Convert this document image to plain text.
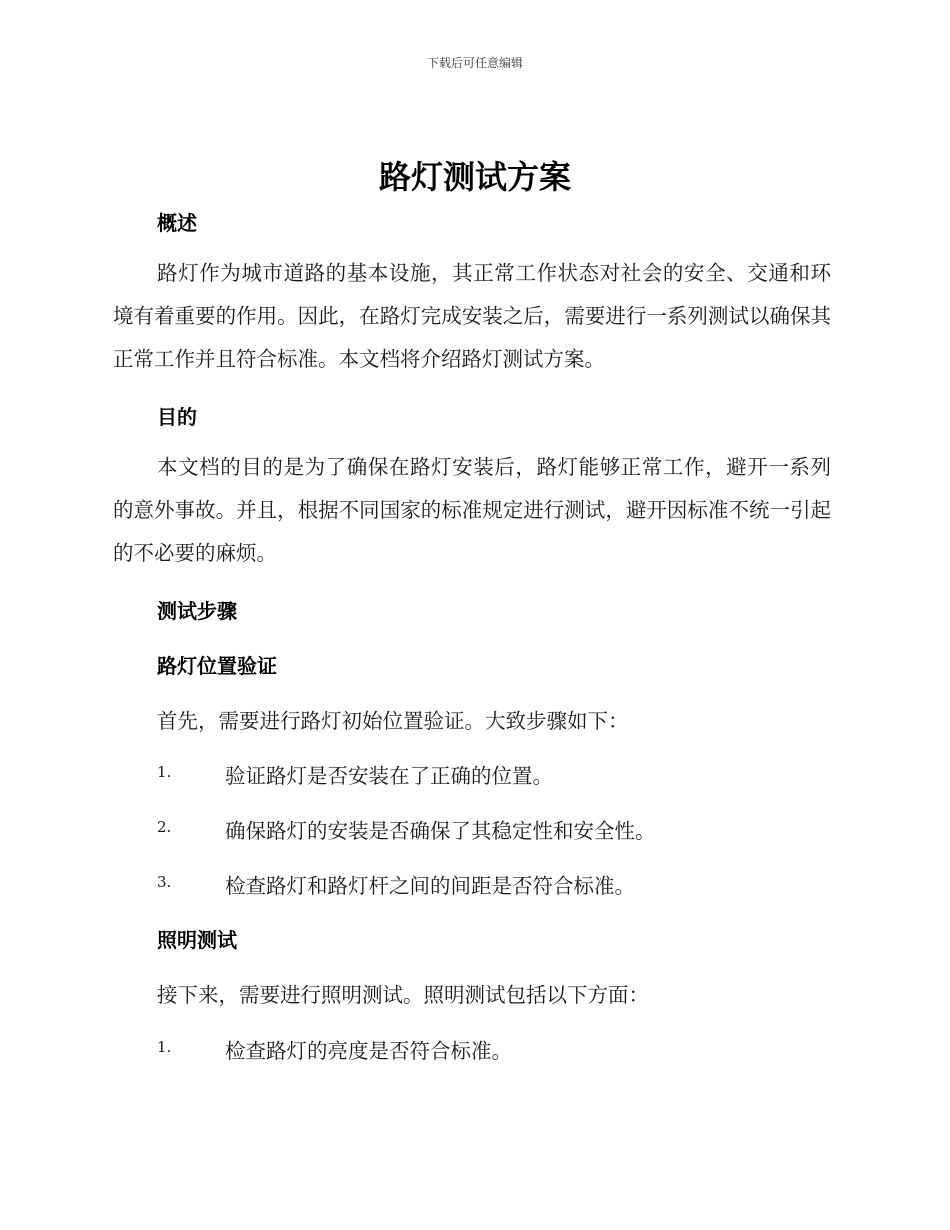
下载后可任意编辑
路灯测试方案
概述
路灯作为城市道路的基本设施，其正常工作状态对社会的安全、交通和环境有着重要的作用。因此，在路灯完成安装之后，需要进行一系列测试以确保其正常工作并且符合标准。本文档将介绍路灯测试方案。
目的
本文档的目的是为了确保在路灯安装后，路灯能够正常工作，避开一系列的意外事故。并且，根据不同国家的标准规定进行测试，避开因标准不统一引起的不必要的麻烦。
测试步骤
路灯位置验证
首先，需要进行路灯初始位置验证。大致步骤如下：
1.	验证路灯是否安装在了正确的位置。
2.	确保路灯的安装是否确保了其稳定性和安全性。
3.	检查路灯和路灯杆之间的间距是否符合标准。
照明测试
接下来，需要进行照明测试。照明测试包括以下方面：
1.	检查路灯的亮度是否符合标准。
